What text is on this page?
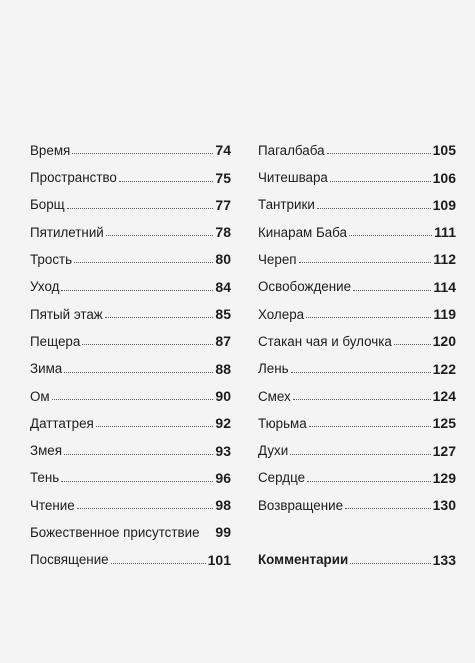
Время	74
Пространство	75
Борщ	77
Пятилетний	78
Трость	80
Уход	84
Пятый этаж	85
Пещера	87
Зима	88
Ом	90
Даттатрея	92
Змея	93
Тень	96
Чтение	98
Божественное присутствие 99
Посвящение	101
Пагалбаба	105
Читешвара	106
Тантрики	109
Кинарам Баба	111
Череп	112
Освобождение	114
Холера	119
Стакан чая и булочка	120
Лень	122
Смех	124
Тюрьма	125
Духи	127
Сердце	129
Возвращение	130
Комментарии	133
